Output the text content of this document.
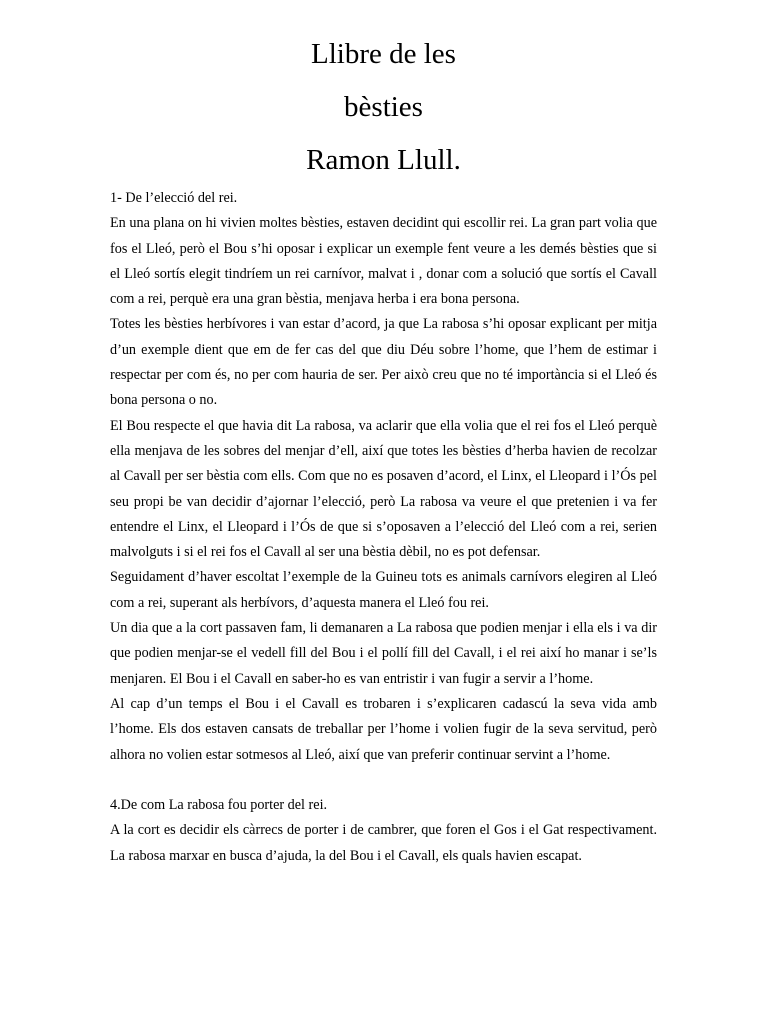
Llibre de les
bèsties
Ramon Llull.

1- De l’elecció del rei.

En una plana on hi vivien moltes bèsties, estaven decidint qui escollir rei. La gran part volia que fos el Lleó, però el Bou s’hi oposar i explicar un exemple fent veure a les demés bèsties que si el Lleó sortís elegit tindríem un rei carnívor, malvat i , donar com a solució que sortís el Cavall com a rei, perquè era una gran bèstia, menjava herba i era bona persona.

Totes les bèsties herbívores i van estar d’acord, ja que La rabosa s’hi oposar explicant per mitja d’un exemple dient que em de fer cas del que diu Déu sobre l’home, que l’hem de estimar i respectar per com és, no per com hauria de ser. Per això creu que no té importància si el Lleó és bona persona o no.

El Bou respecte el que havia dit La rabosa, va aclarir que ella volia que el rei fos el Lleó perquè ella menjava de les sobres del menjar d’ell, així que totes les bèsties d’herba havien de recolzar al Cavall per ser bèstia com ells. Com que no es posaven d’acord, el Linx, el Lleopard i l’Ós pel seu propi be van decidir d’ajornar l’elecció, però La rabosa va veure el que pretenien i va fer entendre el Linx, el Lleopard i l’Ós de que si s’oposaven a l’elecció del Lleó com a rei, serien malvolguts i si el rei fos el Cavall al ser una bèstia dèbil, no es pot defensar.

Seguidament d’haver escoltat l’exemple de la Guineu tots es animals carnívors elegiren al Lleó com a rei, superant als herbívors, d’aquesta manera el Lleó fou rei.

Un dia que a la cort passaven fam, li demanaren a La rabosa que podien menjar i ella els i va dir que podien menjar-se el vedell fill del Bou i el pollí fill del Cavall, i el rei així ho manar i se’ls menjaren. El Bou i el Cavall en saber-ho es van entristir i van fugir a servir a l’home.

Al cap d’un temps el Bou i el Cavall es trobaren i s’explicaren cadascú la seva vida amb l’home. Els dos estaven cansats de treballar per l’home i volien fugir de la seva servitud, però alhora no volien estar sotmesos al Lleó, així que van preferir continuar servint a l’home.

4.De com La rabosa fou porter del rei.

A la cort es decidir els càrrecs de porter i de cambrer, que foren el Gos i el Gat respectivament. La rabosa marxar en busca d’ajuda, la del Bou i el Cavall, els quals havien escapat.
